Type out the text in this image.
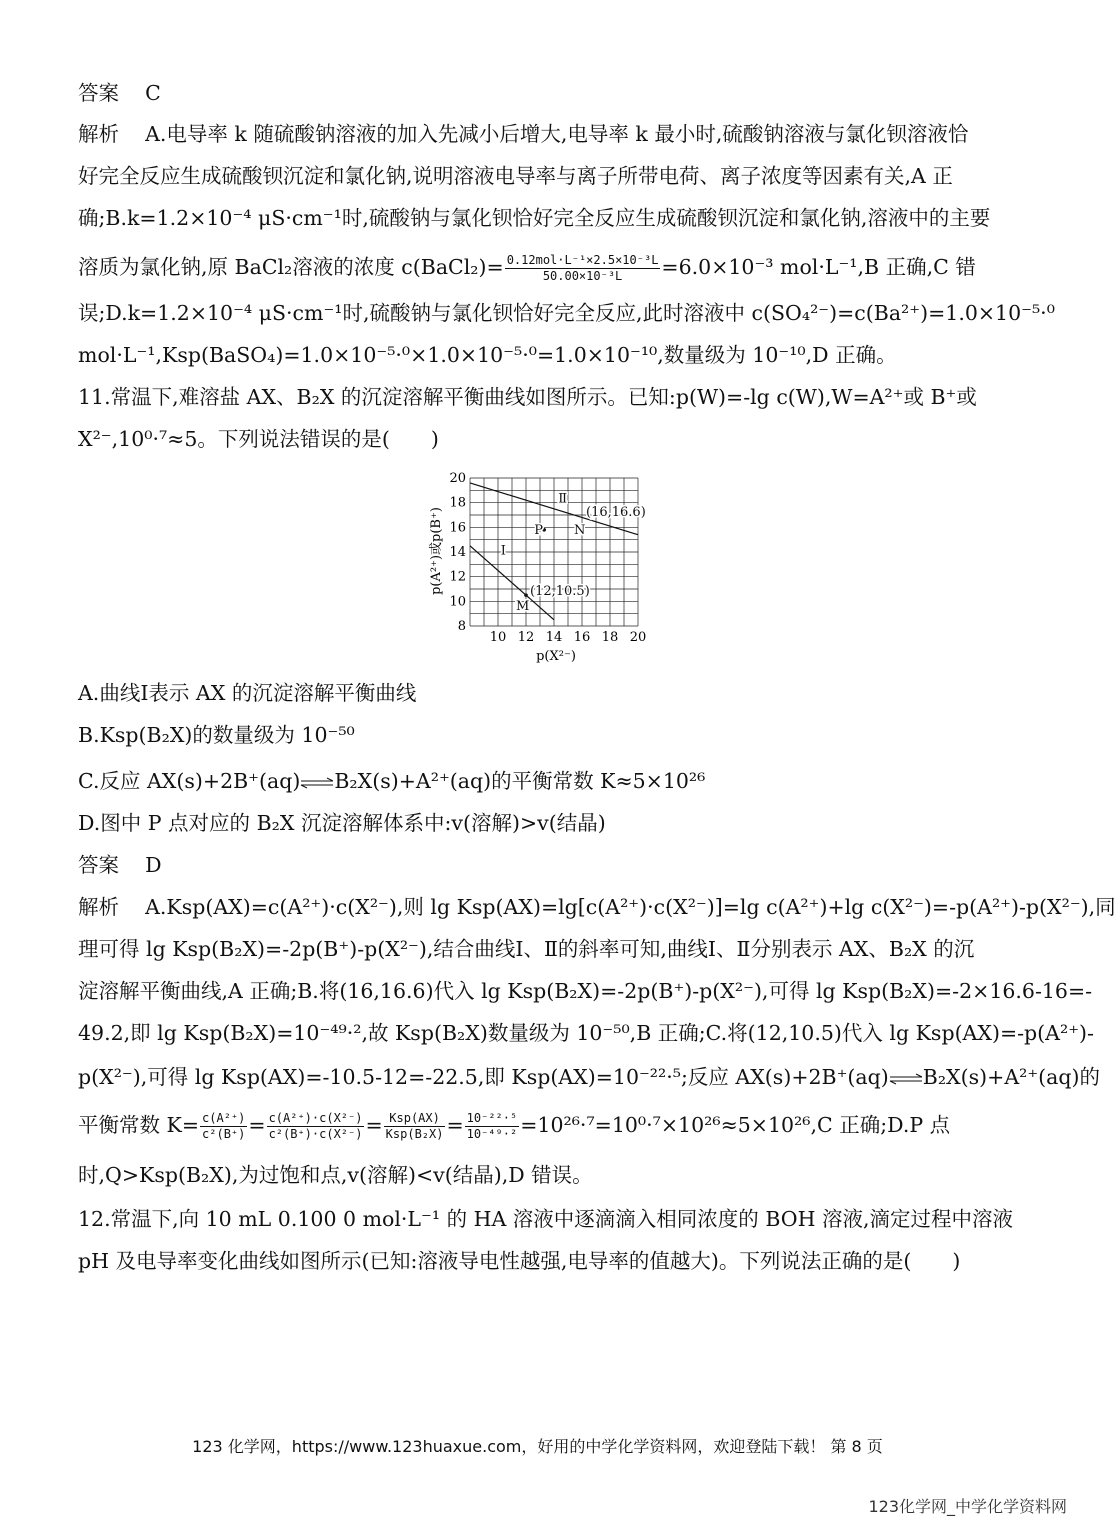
答案 C
解析 A.电导率 k 随硫酸钠溶液的加入先减小后增大,电导率 k 最小时,硫酸钠溶液与氯化钡溶液恰
好完全反应生成硫酸钡沉淀和氯化钠,说明溶液电导率与离子所带电荷、离子浓度等因素有关,A 正
确;B.k=1.2×10⁻⁴ μS·cm⁻¹时,硫酸钠与氯化钡恰好完全反应生成硫酸钡沉淀和氯化钠,溶液中的主要
溶质为氯化钠,原 BaCl₂溶液的浓度 c(BaCl₂)= $\frac{\text{0.12mol·L⁻¹×2.5×10⁻³L}}{\text{50.00×10⁻³L}} =6.0\times 10^{-3}$ mol·L⁻¹,B 正确,C 错
误;D.k=1.2×10⁻⁴ μS·cm⁻¹时,硫酸钠与氯化钡恰好完全反应,此时溶液中 c(SO₄²⁻)=c(Ba²⁺)=1.0×10⁻⁵·⁰
mol·L⁻¹,Ksp(BaSO₄)=1.0×10⁻⁵·⁰×1.0×10⁻⁵·⁰=1.0×10⁻¹⁰,数量级为 10⁻¹⁰,D 正确。
11.常温下,难溶盐 AX、B₂X 的沉淀溶解平衡曲线如图所示。已知:p(W)=-lg c(W),W=A²⁺或 B⁺或
X²⁻,10⁰·⁷≈5。下列说法错误的是(　　)
Ⅰ
Ⅱ
10 12 14 16 18 20
8
10
12
14
16
18
20
(16,16.6)
(12,10.5)
P N
M
p(X²⁻)
p(A²⁺)或p(B⁺)
A.曲线Ⅰ表示 AX 的沉淀溶解平衡曲线
B.Ksp(B₂X)的数量级为 10⁻⁵⁰
C.反应 AX(s)+2B⁺(aq)⇌B₂X(s)+A²⁺(aq)的平衡常数 K≈5×10²⁶
D.图中 P 点对应的 B₂X 沉淀溶解体系中:v(溶解)>v(结晶)
答案 D
解析 A.Ksp(AX)=c(A²⁺)·c(X²⁻),则 lg Ksp(AX)=lg[c(A²⁺)·c(X²⁻)]=lg c(A²⁺)+lg c(X²⁻)=-p(A²⁺)-p(X²⁻),同
理可得 lg Ksp(B₂X)=-2p(B⁺)-p(X²⁻),结合曲线Ⅰ、Ⅱ的斜率可知,曲线Ⅰ、Ⅱ分别表示 AX、B₂X 的沉
淀溶解平衡曲线,A 正确;B.将(16,16.6)代入 lg Ksp(B₂X)=-2p(B⁺)-p(X²⁻),可得 lg Ksp(B₂X)=-2×16.6-16=-
49.2,即 lg Ksp(B₂X)=10⁻⁴⁹·²,故 Ksp(B₂X)数量级为 10⁻⁵⁰,B 正确;C.将(12,10.5)代入 lg Ksp(AX)=-p(A²⁺)-
p(X²⁻),可得 lg Ksp(AX)=-10.5-12=-22.5,即 Ksp(AX)=10⁻²²·⁵;反应 AX(s)+2B⁺(aq)⇌B₂X(s)+A²⁺(aq)的
平衡常数 $K= \frac{\text{c(A²⁺)}}{\text{c²(B⁺)}} = \frac{\text{c(A²⁺)·c(X²⁻)}}{\text{c²(B⁺)·c(X²⁻)}} = \frac{\text{Ksp(AX)}}{\text{Ksp(B₂X)}} = \frac{\text{10⁻²²·⁵}}{\text{10⁻⁴⁹·²}} =10^{26}\cdot^7=10^0\cdot^7\times 10^{26}\approx 5\times 10^{26},C$ 正确;D.P 点
时,Q>Ksp(B₂X),为过饱和点,v(溶解)<v(结晶),D 错误。
12.常温下,向 10 mL 0.100 0 mol·L⁻¹ 的 HA 溶液中逐滴滴入相同浓度的 BOH 溶液,滴定过程中溶液
pH 及电导率变化曲线如图所示(已知:溶液导电性越强,电导率的值越大)。下列说法正确的是(　　)
123 化学网，https://www.123huaxue.com，好用的中学化学资料网，欢迎登陆下载！ 第 8 页
123化学网_中学化学资料网
